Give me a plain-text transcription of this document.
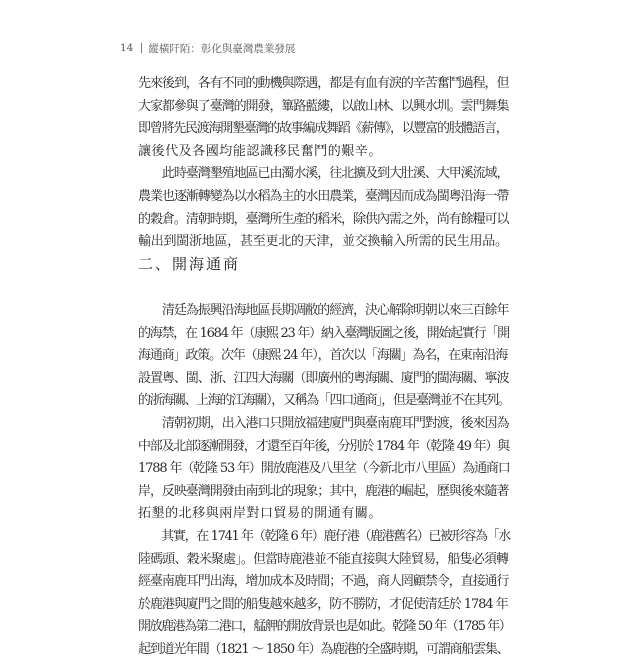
14 縱橫阡陌：彰化與臺灣農業發展
先來後到，各有不同的動機與際遇，都是有血有淚的辛苦奮鬥過程，但
大家都參與了臺灣的開發，篳路藍縷，以啟山林、以興水圳。雲門舞集
即曾將先民渡海開墾臺灣的故事編成舞蹈《薪傳》，以豐富的肢體語言，
讓後代及各國均能認識移民奮鬥的艱辛。
　　此時臺灣墾殖地區已由濁水溪，往北擴及到大肚溪、大甲溪流域，
農業也逐漸轉變為以水稻為主的水田農業，臺灣因而成為閩粵沿海一帶
的穀倉。清朝時期，臺灣所生產的稻米，除供內需之外，尚有餘糧可以
輸出到閩浙地區，甚至更北的天津，並交換輸入所需的民生用品。
二、開海通商
　　清廷為振興沿海地區長期凋敝的經濟，決心解除明朝以來三百餘年
的海禁，在 1684 年（康熙 23 年）納入臺灣版圖之後，開始起實行「開
海通商」政策。次年（康熙 24 年），首次以「海關」為名，在東南沿海
設置粵、閩、浙、江四大海關（即廣州的粵海關、廈門的閩海關、寧波
的浙海關、上海的江海關），又稱為「四口通商」，但是臺灣並不在其列。
　　清朝初期，出入港口只開放福建廈門與臺南鹿耳門對渡，後來因為
中部及北部逐漸開發，才還至百年後，分別於 1784 年（乾隆 49 年）與
1788 年（乾隆 53 年）開放鹿港及八里坌（今新北市八里區）為通商口
岸，反映臺灣開發由南到北的現象；其中，鹿港的崛起，歷與後來隨著
拓墾的北移與兩岸對口貿易的開通有關。
　　其實，在 1741 年（乾隆 6 年）鹿仔港（鹿港舊名）已被形容為「水
陸碼頭、穀米聚處」。但當時鹿港並不能直接與大陸貿易，船隻必須轉
經臺南鹿耳門出海，增加成本及時間；不過，商人罔顧禁令，直接通行
於鹿港與廈門之間的船隻越來越多，防不勝防，才促使清廷於 1784 年
開放鹿港為第二港口，艋舺的開放背景也是如此。乾隆 50 年（1785 年）
起到道光年間（1821 ～ 1850 年）為鹿港的全盛時期，可謂商船雲集、
